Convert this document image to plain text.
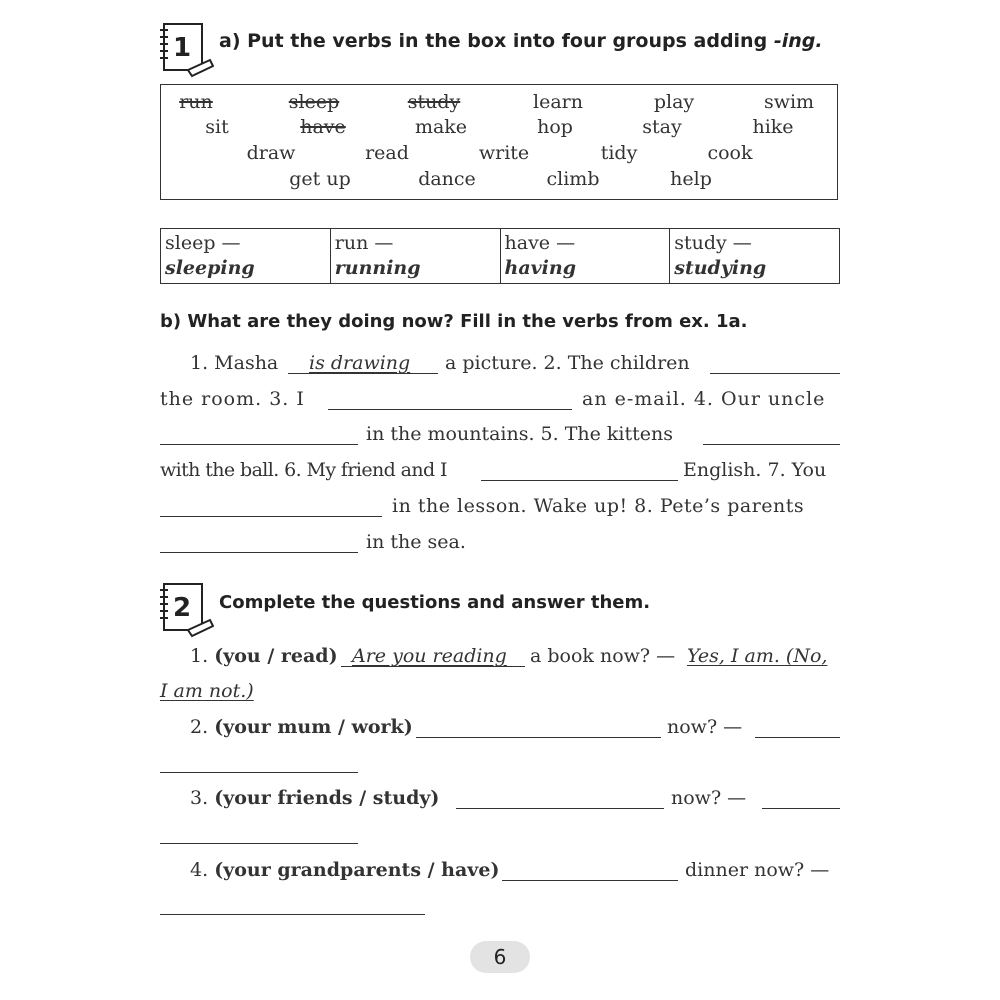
1 a) Put the verbs in the box into four groups adding -ing.
run	sleep	study	learn	play	swim
sit	have	make	hop	stay	hike
draw	read	write	tidy	cook
get up	dance	climb	help
sleep —
sleeping
run —
running
have —
having
study —
studying
b) What are they doing now? Fill in the verbs from ex. 1a.
1. Masha is drawing a picture. 2. The children
the room. 3. I	an e-mail. 4. Our uncle
in the mountains. 5. The kittens
with the ball. 6. My friend and I	English. 7. You
in the lesson. Wake up! 8. Pete’s parents
in the sea.
2 Complete the questions and answer them.
1. (you / read) Are you reading a book now? — Yes, I am. (No,
I am not.)
2. (your mum / work)	now? —
3. (your friends / study)	now? —
4. (your grandparents / have)	dinner now? —
6
